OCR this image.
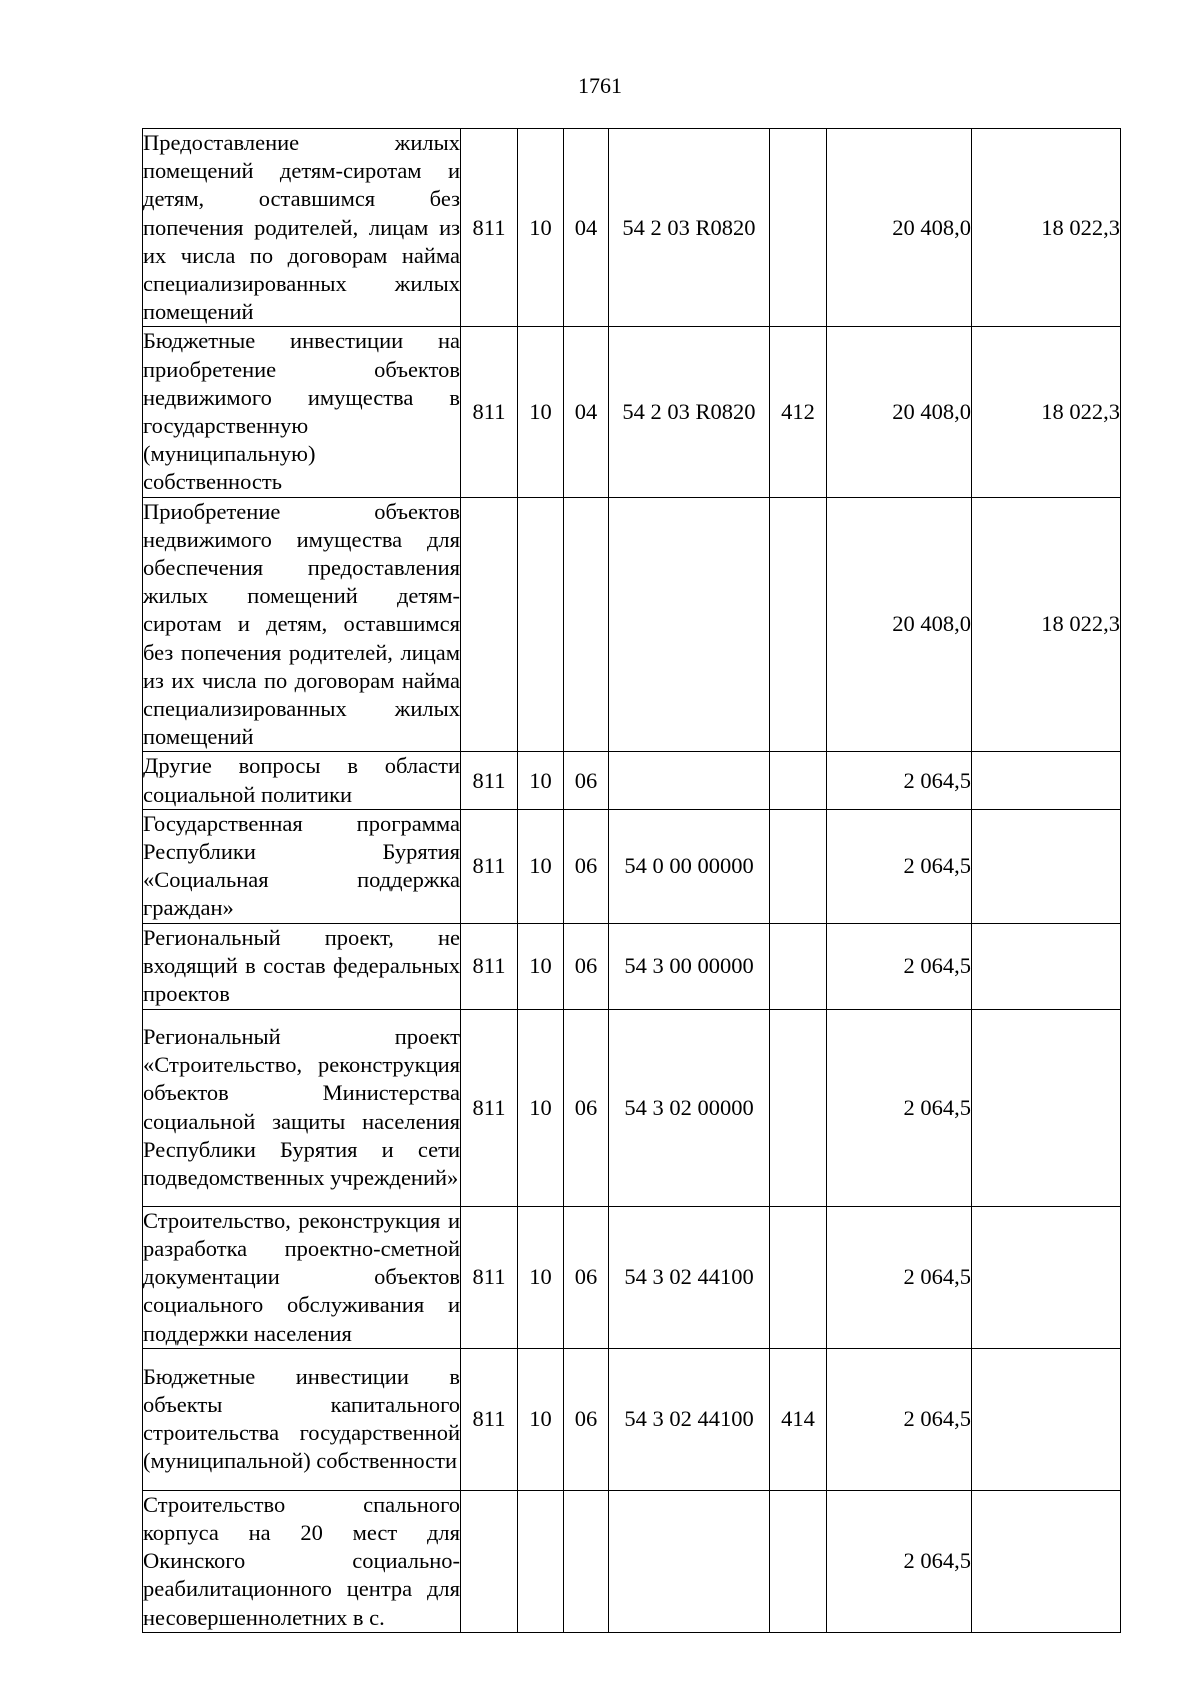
1761
Предоставление жилых помещений детям-сиротам и детям, оставшимся без попечения родителей, лицам из их числа по договорам найма специализированных жилых помещений	811	10	04	54 2 03 R0820		20 408,0	18 022,3
Бюджетные инвестиции на приобретение объектов недвижимого имущества в государственную (муниципальную) собственность	811	10	04	54 2 03 R0820	412	20 408,0	18 022,3
Приобретение объектов недвижимого имущества для обеспечения предоставления жилых помещений детям-сиротам и детям, оставшимся без попечения родителей, лицам из их числа по договорам найма специализированных жилых помещений						20 408,0	18 022,3
Другие вопросы в области социальной политики	811	10	06			2 064,5	
Государственная программа Республики Бурятия «Социальная поддержка граждан»	811	10	06	54 0 00 00000		2 064,5	
Региональный проект, не входящий в состав федеральных проектов	811	10	06	54 3 00 00000		2 064,5	
Региональный проект «Строительство, реконструкция объектов Министерства социальной защиты населения Республики Бурятия и сети подведомственных учреждений»	811	10	06	54 3 02 00000		2 064,5	
Строительство, реконструкция и разработка проектно-сметной документации объектов социального обслуживания и поддержки населения	811	10	06	54 3 02 44100		2 064,5	
Бюджетные инвестиции в объекты капитального строительства государственной (муниципальной) собственности	811	10	06	54 3 02 44100	414	2 064,5	
Строительство спального корпуса на 20 мест для Окинского социально-реабилитационного центра для несовершеннолетних в с.						2 064,5	
